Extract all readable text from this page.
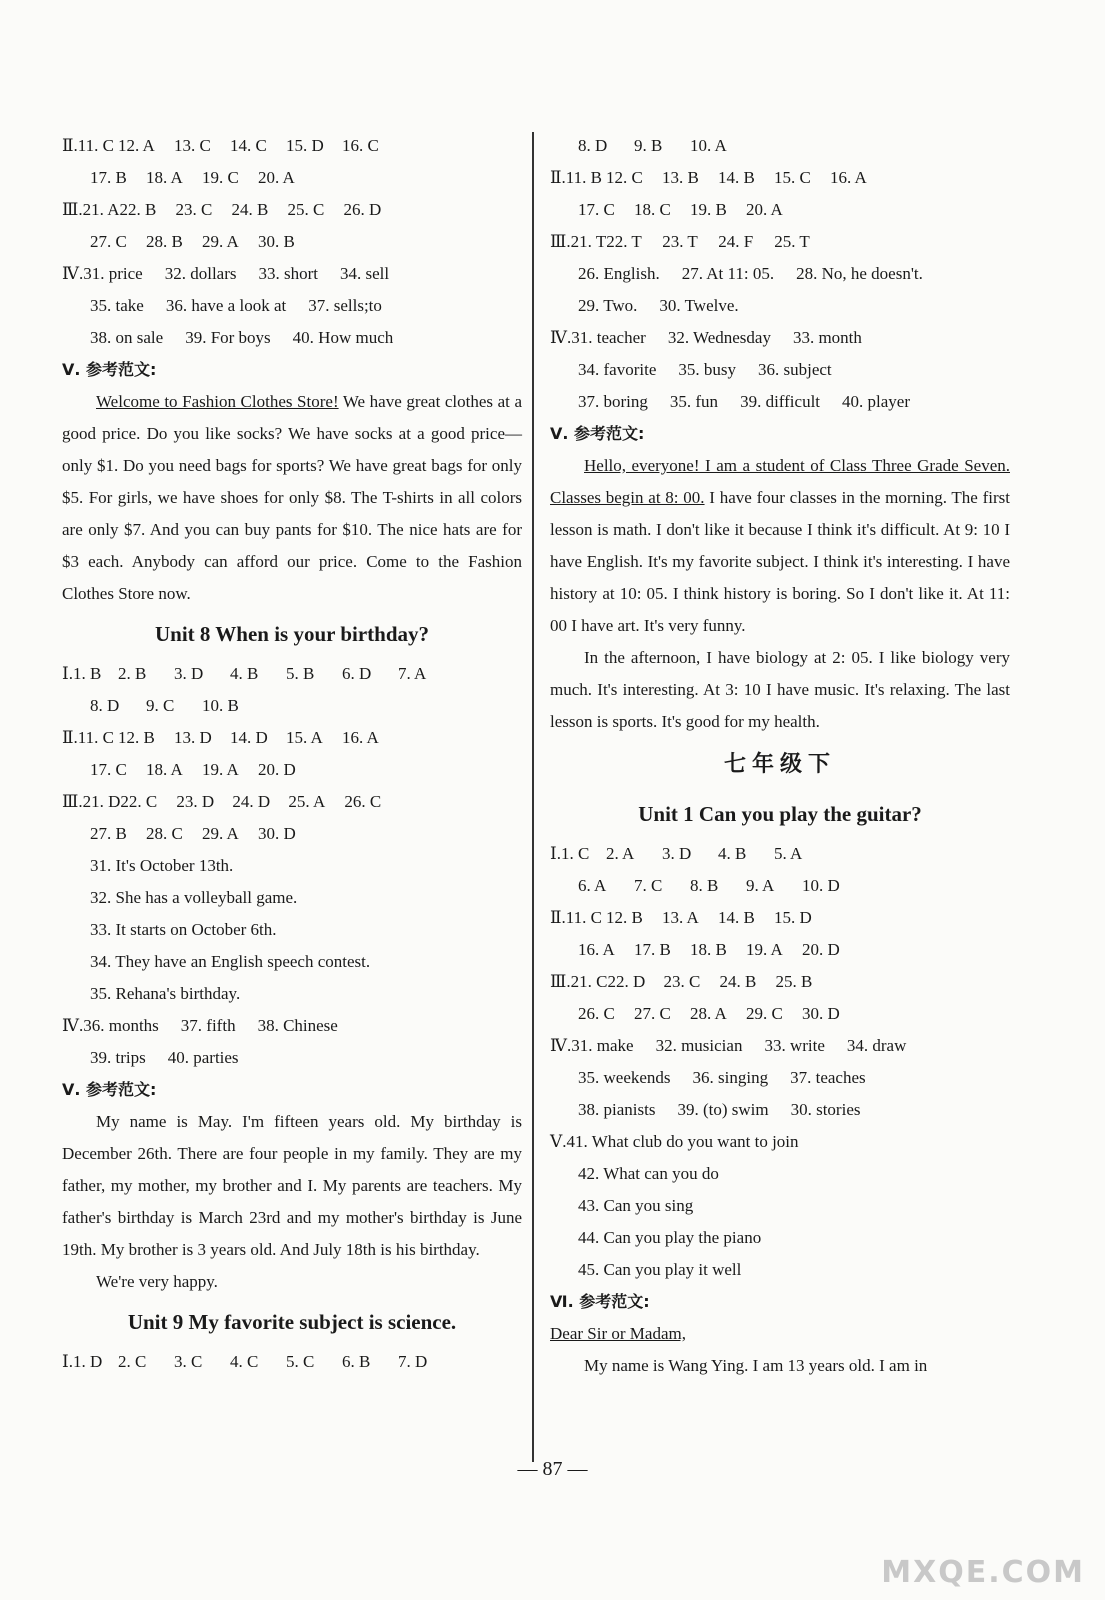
Ⅱ.11. C 12. A 13. C 14. C 15. D 16. C
17. B 18. A 19. C 20. A
Ⅲ.21. A22. B 23. C 24. B 25. C 26. D
27. C 28. B 29. A 30. B
Ⅳ.31. price 32. dollars 33. short 34. sell
35. take 36. have a look at 37. sells;to
38. on sale 39. For boys 40. How much
Ⅴ. 参考范文:
Welcome to Fashion Clothes Store! We have great clothes at a good price. Do you like socks? We have socks at a good price—only $1. Do you need bags for sports? We have great bags for only $5. For girls, we have shoes for only $8. The T-shirts in all colors are only $7. And you can buy pants for $10. The nice hats are for $3 each. Anybody can afford our price. Come to the Fashion Clothes Store now.
Unit 8 When is your birthday?
Ⅰ.1. B 2. B 3. D 4. B 5. B 6. D 7. A
8. D 9. C 10. B
Ⅱ.11. C 12. B 13. D 14. D 15. A 16. A
17. C 18. A 19. A 20. D
Ⅲ.21. D22. C 23. D 24. D 25. A 26. C
27. B 28. C 29. A 30. D
31. It's October 13th.
32. She has a volleyball game.
33. It starts on October 6th.
34. They have an English speech contest.
35. Rehana's birthday.
Ⅳ.36. months 37. fifth 38. Chinese
39. trips 40. parties
Ⅴ. 参考范文:
My name is May. I'm fifteen years old. My birthday is December 26th. There are four people in my family. They are my father, my mother, my brother and I. My parents are teachers. My father's birthday is March 23rd and my mother's birthday is June 19th. My brother is 3 years old. And July 18th is his birthday.
We're very happy.
Unit 9 My favorite subject is science.
Ⅰ.1. D 2. C 3. C 4. C 5. C 6. B 7. D
8. D 9. B 10. A
Ⅱ.11. B 12. C 13. B 14. B 15. C 16. A
17. C 18. C 19. B 20. A
Ⅲ.21. T22. T 23. T 24. F 25. T
26. English. 27. At 11: 05. 28. No, he doesn't.
29. Two. 30. Twelve.
Ⅳ.31. teacher 32. Wednesday 33. month
34. favorite 35. busy 36. subject
37. boring 35. fun 39. difficult 40. player
Ⅴ. 参考范文:
Hello, everyone! I am a student of Class Three Grade Seven. Classes begin at 8: 00. I have four classes in the morning. The first lesson is math. I don't like it because I think it's difficult. At 9: 10 I have English. It's my favorite subject. I think it's interesting. I have history at 10: 05. I think history is boring. So I don't like it. At 11: 00 I have art. It's very funny.
In the afternoon, I have biology at 2: 05. I like biology very much. It's interesting. At 3: 10 I have music. It's relaxing. The last lesson is sports. It's good for my health.
七年级下
Unit 1 Can you play the guitar?
Ⅰ.1. C 2. A 3. D 4. B 5. A
6. A 7. C 8. B 9. A 10. D
Ⅱ.11. C 12. B 13. A 14. B 15. D
16. A 17. B 18. B 19. A 20. D
Ⅲ.21. C22. D 23. C 24. B 25. B
26. C 27. C 28. A 29. C 30. D
Ⅳ.31. make 32. musician 33. write 34. draw
35. weekends 36. singing 37. teaches
38. pianists 39. (to) swim 30. stories
Ⅴ.41. What club do you want to join
42. What can you do
43. Can you sing
44. Can you play the piano
45. Can you play it well
Ⅵ. 参考范文:
Dear Sir or Madam,
My name is Wang Ying. I am 13 years old. I am in
— 87 —
MXQE.COM
